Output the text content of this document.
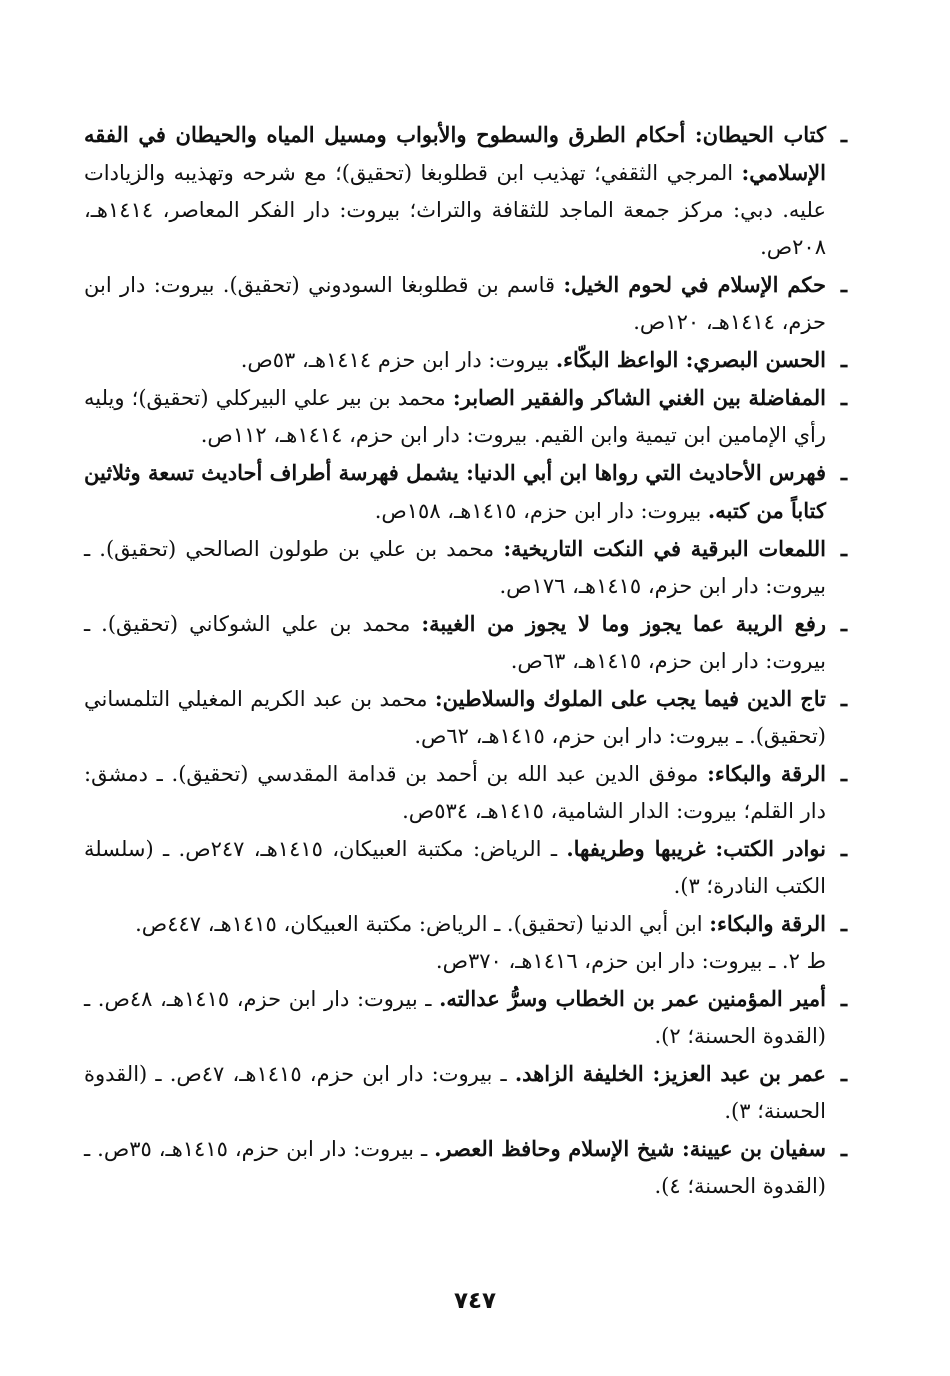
ـ
كتاب الحيطان: أحكام الطرق والسطوح والأبواب ومسيل المياه والحيطان في الفقه الإسلامي: المرجي الثقفي؛ تهذيب ابن قطلوبغا (تحقيق)؛ مع شرحه وتهذيبه والزيادات عليه. دبي: مركز جمعة الماجد للثقافة والتراث؛ بيروت: دار الفكر المعاصر، ١٤١٤هـ، ٢٠٨ص.

ـ
حكم الإسلام في لحوم الخيل: قاسم بن قطلوبغا السودوني (تحقيق). بيروت: دار ابن حزم، ١٤١٤هـ، ١٢٠ص.

ـ
الحسن البصري: الواعظ البكّاء. بيروت: دار ابن حزم ١٤١٤هـ، ٥٣ص.

ـ
المفاضلة بين الغني الشاكر والفقير الصابر: محمد بن بير علي البيركلي (تحقيق)؛ ويليه رأي الإمامين ابن تيمية وابن القيم. بيروت: دار ابن حزم، ١٤١٤هـ، ١١٢ص.

ـ
فهرس الأحاديث التي رواها ابن أبي الدنيا: يشمل فهرسة أطراف أحاديث تسعة وثلاثين كتاباً من كتبه. بيروت: دار ابن حزم، ١٤١٥هـ، ١٥٨ص.

ـ
اللمعات البرقية في النكت التاريخية: محمد بن علي بن طولون الصالحي (تحقيق). ـ بيروت: دار ابن حزم، ١٤١٥هـ، ١٧٦ص.

ـ
رفع الريبة عما يجوز وما لا يجوز من الغيبة: محمد بن علي الشوكاني (تحقيق). ـ بيروت: دار ابن حزم، ١٤١٥هـ، ٦٣ص.

ـ
تاج الدين فيما يجب على الملوك والسلاطين: محمد بن عبد الكريم المغيلي التلمساني (تحقيق). ـ بيروت: دار ابن حزم، ١٤١٥هـ، ٦٢ص.

ـ
الرقة والبكاء: موفق الدين عبد الله بن أحمد بن قدامة المقدسي (تحقيق). ـ دمشق: دار القلم؛ بيروت: الدار الشامية، ١٤١٥هـ، ٥٣٤ص.

ـ
نوادر الكتب: غريبها وطريفها. ـ الرياض: مكتبة العبيكان، ١٤١٥هـ، ٢٤٧ص. ـ (سلسلة الكتب النادرة؛ ٣).

ـ
الرقة والبكاء: ابن أبي الدنيا (تحقيق). ـ الرياض: مكتبة العبيكان، ١٤١٥هـ، ٤٤٧ص.

ط ٢. ـ بيروت: دار ابن حزم، ١٤١٦هـ، ٣٧٠ص.

ـ
أمير المؤمنين عمر بن الخطاب وسرُّ عدالته. ـ بيروت: دار ابن حزم، ١٤١٥هـ، ٤٨ص. ـ (القدوة الحسنة؛ ٢).

ـ
عمر بن عبد العزيز: الخليفة الزاهد. ـ بيروت: دار ابن حزم، ١٤١٥هـ، ٤٧ص. ـ (القدوة الحسنة؛ ٣).

ـ
سفيان بن عيينة: شيخ الإسلام وحافظ العصر. ـ بيروت: دار ابن حزم، ١٤١٥هـ، ٣٥ص. ـ (القدوة الحسنة؛ ٤).

٧٤٧
